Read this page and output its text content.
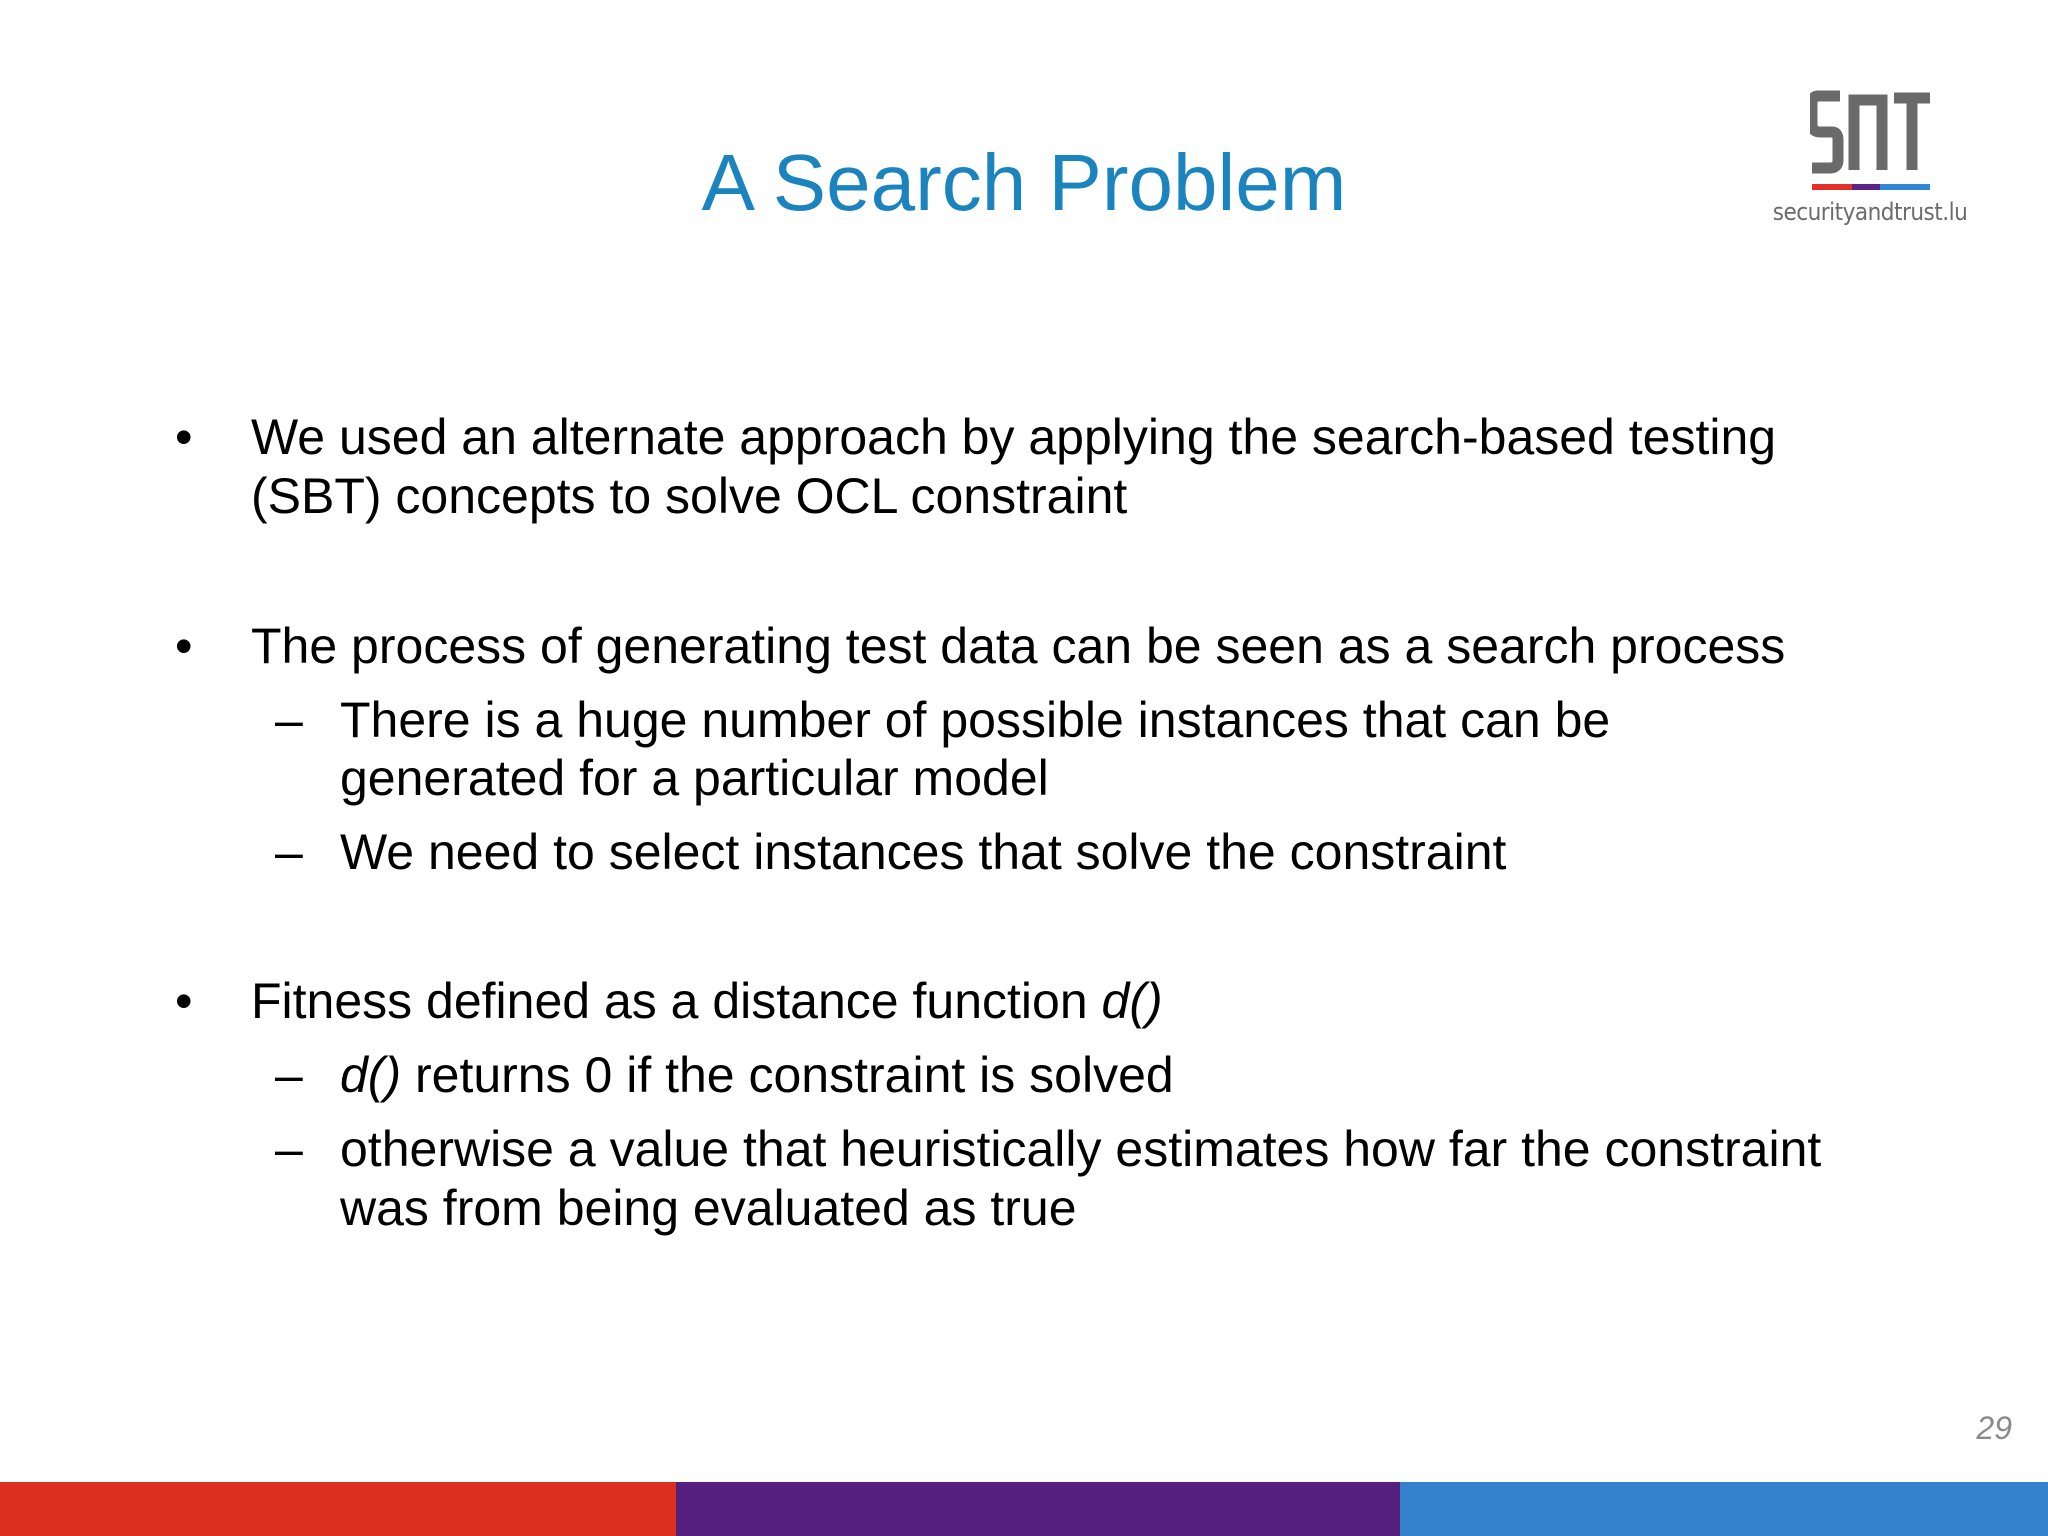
A Search Problem	securityandtrust.lu
• We used an alternate approach by applying the search-based testing
(SBT) concepts to solve OCL constraint
• The process of generating test data can be seen as a search process
– There is a huge number of possible instances that can be
generated for a particular model
– We need to select instances that solve the constraint
• Fitness defined as a distance function d()
– d() returns 0 if the constraint is solved
– otherwise a value that heuristically estimates how far the constraint
was from being evaluated as true
29
